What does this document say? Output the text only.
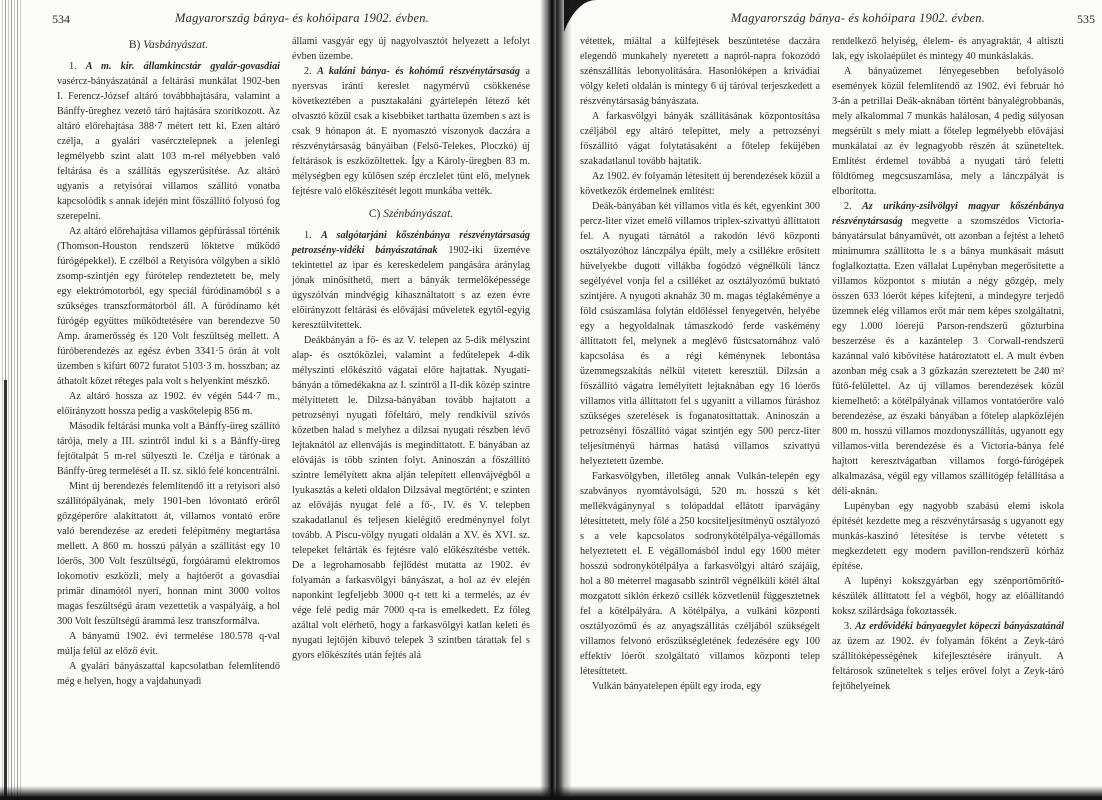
534	Magyarország bánya- és kohóipara 1902. évben.
B) Vasbányászat.

1. A m. kir. államkincstár gyalár-govasdiai vasércz-bányászatánál a feltárási munkálat 1902-ben I. Ferencz-József altáró továbbhajtására, valamint a Bánffy-üreghez vezető táró hajtására szorítkozott. Az altáró előrehajtása 388·7 métert tett ki. Ezen altáró czélja, a gyalári vasércztelepnek a jelenlegi legmélyebb szint alatt 103 m-rel mélyebben való feltárása és a szállítás egyszerűsítése. Az altáró ugyanis a retyisórai villamos szállító vonatba kapcsolódik s annak idején mint főszállító folyosó fog szerepelni.

Az altáró előrehajtása villamos gépfúrással történik (Thomson-Houston rendszerű löktetve működő fúrógépekkel). E czélból a Retyisóra völgyben a sikló zsomp-szintjén egy fúrótelep rendeztetett be, mely egy elektrómotorból, egy speciál fúródinamóból s a szükséges transzformátorból áll. A fúródinamo két fúrógép együttes működtetésére van berendezve 50 Amp. áramerősség és 120 Volt feszültség mellett. A fúróberendezés az egész évben 3341·5 órán át volt üzemben s kifúrt 6072 furatot 5103·3 m. hosszban; az áthatolt kőzet réteges pala volt s helyenkint mészkő.

Az altáró hossza az 1902. év végén 544·7 m., előirányzott hossza pedig a vaskőtelepig 856 m.

Második feltárási munka volt a Bánffy-üreg szállító tárója, mely a III. szintről indul ki s a Bánffy-üreg fejtőtalpát 5 m-rel sülyeszti le. Czélja e tárónak a Bánffy-üreg termelését a II. sz. sikló felé koncentrálni.

Mint új berendezés felemlítendő itt a retyisori alsó szállítópályának, mely 1901-ben lóvontató erőről gőzgéperőre alakíttatott át, villamos vontató erőre való berendezése az eredeti felépítmény megtartása mellett. A 860 m. hosszú pályán a szállítást egy 10 lóerős, 300 Volt feszültségű, forgóáramú elektromos lokomotiv eszközli, mely a hajtóerőt a govasdiai primär dinamótól nyeri, honnan mint 3000 voltos magas feszültségű áram vezettetik a vaspályáig, a hol 300 Volt feszültségű árammá lesz transzformálva.

A bányamű 1902. évi termelése 180.578 q-val múlja felül az előző évit.

A gyalári bányászattal kapcsolatban felemlítendő még e helyen, hogy a vajdahunyadi

állami vasgyár egy új nagyolvasztót helyezett a lefolyt évben üzembe.

2. A kaláni bánya- és kohómű részvénytársaság a nyersvas iránti kereslet nagymérvű csökkenése következtében a pusztakaláni gyártelepén létező két olvasztó közül csak a kisebbiket tarthatta üzemben s azt is csak 9 hónapon át. E nyomasztó viszonyok daczára a részvénytársaság bányáiban (Felső-Telekes, Ploczkó) új feltárások is eszközöltettek. Így a Károly-üregben 83 m. mélységben egy külösen szép érczlelet tünt elő, melynek fejtésre való előkészítését legott munkába vették.

C) Szénbányászat.

1. A salgótarjáni kőszénbánya részvénytársaság petrozsény-vidéki bányászatának 1902-iki üzeméve tekintettel az ipar és kereskedelem pangására aránylag jónak minősíthető, mert a bányák termelőképessége úgyszólván mindvégig kihasználtatott s az ezen évre előirányzott feltárási és elővájási műveletek egytől-egyig keresztülvitettek.

Deákbányán a fő- és az V. telepen az 5-dik mélyszint alap- és osztóközlei, valamint a fedűtelepek 4-dik mélyszinti előkészítő vágatai előre hajtattak. Nyugati-bányán a tömedékakna az I. szintről a II-dik közép szintre mélyíttetett le. Dilzsa-bányában tovább hajtatott a petrozsényi nyugati főfeltáró, mely rendkívül szívós kőzetben halad s melyhez a dilzsai nyugati részben lévő lejtaknától az ellenvájás is megindíttatott. E bányában az elővájás is több szinten folyt. Aninoszán a főszállító szintre lemélyített akna alján telepített ellenvájvégből a lyukasztás a keleti oldalon Dilzsával megtörtént; e szinten az elővájás nyugat felé a fő-, IV. és V. telepben szakadatlanul és teljesen kielégítő eredménynyel folyt tovább. A Piscu-völgy nyugati oldalán a XV. és XVI. sz. telepeket feltárták és fejtésre való előkészítésbe vették. De a legrohamosabb fejlődést mutatta az 1902. év folyamán a farkasvölgyi bányászat, a hol az év elején naponkint legfeljebb 3000 q-t tett ki a termelés, az év vége felé pedig már 7000 q-ra is emelkedett. Ez főleg azáltal volt elérhető, hogy a farkasvölgyi katlan keleti és nyugati lejtőjén kibuvó telepek 3 szintben tárattak fel s gyors előkészítés után fejtés alá

Magyarország bánya- és kohóipara 1902. évben.	535

vétettek, miáltal a külfejtések beszüntetése daczára elegendő munkahely nyeretett a napról-napra fokozódó szénszállítás lebonyolítására. Hasonlóképen a krivádiai völgy keleti oldalán is mintegy 6 új táróval terjeszkedett a részvénytársaság bányászata.

A farkasvölgyi bányák szállításának központosítása czéljából egy altáró telepíttet, mely a petrozsényi főszállító vágat folytatásaként a főtelep feküjében szakadatlanul tovább hajtatik.

Az 1902. év folyamán létesített új berendezések közül a következők érdemelnek említést:

Deák-bányában két villamos vitla és két, egyenkint 300 percz-liter vizet emelő villamos triplex-szivattyú állíttatott fel. A nyugati tárnától a rakodón lévő központi osztályozóhoz lánczpálya épült, mely a csillékre erősített hüvelyekbe dugott villákba fogódzó végnélküli láncz segélyével vonja fel a csilléket az osztályozómű buktató szintjére. A nyugoti aknaház 30 m. magas téglakéménye a föld csúszamlása folytán eldőléssel fenyegetvén, helyébe egy a hegyoldalnak támaszkodó ferde vaskémény állíttatott fel, melynek a meglévő füstcsatornához való kapcsolása és a régi kéménynek lebontása üzemmegszakítás nélkül vitetett keresztül. Dilzsán a főszállító vágatra lemélyített lejtaknában egy 16 lóerős villamos vitla állíttatott fel s ugyanitt a villamos fúráshoz szükséges szerelések is foganatosíttattak. Aninoszán a petrozsényi főszállító vágat szintjén egy 500 percz-liter teljesítményű hármas hatású villamos szivattyú helyeztetett üzembe.

Farkasvölgyben, illetőleg annak Vulkán-telepén egy szabványos nyomtávolságú, 520 m. hosszú s két mellékvágánynyal s tolópaddal ellátott iparvágány létesíttetett, mely fölé a 250 kocsiteljesítményű osztályozó s a vele kapcsolatos sodronykötélpálya-végállomás helyeztetett el. E végállomásból indul egy 1600 méter hosszú sodronykötélpálya a farkasvölgyi altáró szájáig, hol a 80 méterrel magasabb szintről végnélküli kötél által mozgatott siklón érkező csillék közvetlenül függesztetnek fel a kötélpályára. A kötélpálya, a vulkáni központi osztályozómű és az anyagszállítás czéljából szükségelt villamos felvonó erőszükségletének fedezésére egy 100 effektív lóerőt szolgáltató villamos központi telep létesíttetett.

Vulkán bányatelepen épült egy iroda, egy

rendelkező helyiség, élelem- és anyagraktár, 4 altiszti lak, egy iskolaépület és mintegy 40 munkáslakás.

A bányaüzemet lényegesebben befolyásoló események közül felemlítendő az 1902. évi február hó 3-án a petrillai Deák-aknában történt bányalégrobbanás, mely alkalommal 7 munkás halálosan, 4 pedig súlyosan megsérült s mely miatt a főtelep legmélyebb elővájási munkálatai az év legnagyobb részén át szüneteltek. Említést érdemel továbbá a nyugati táró feletti földtömeg megcsuszamlása, mely a lánczpályát is elborította.

2. Az urikány-zsilvölgyi magyar kőszénbánya részvénytársaság megvette a szomszédos Victoria-bányatársulat bányaművét, ott azonban a fejtést a lehető minimumra szállította le s a bánya munkásait másutt foglalkoztatta. Ezen vállalat Lupényban megerősítette a villamos központot s miután a négy gőzgép, mely összen 633 lóerőt képes kifejteni, a mindegyre terjedő üzemnek elég villamos erőt már nem képes szolgáltatni, egy 1.000 lóerejű Parson-rendszerű gőzturbina beszerzése és a kazántelep 3 Corwall-rendszerű kazánnal való kibővítése határoztatott el. A mult évben azonban még csak a 3 gőzkazán szereztetett be 240 m² fűtő-felülettel. Az új villamos berendezések közül kiemelhető: a kötélpályának villamos vontatóerőre való berendezése, az északi bányában a főtelep alapközléjén 800 m. hosszú villamos mozdonyszállítás, ugyanott egy villamos-vitla berendezése és a Victoria-bánya felé hajtott keresztvágatban villamos forgó-fúrógépek alkalmazása, végül egy villamos szállítógép felállítása a déli-aknán.

Lupényban egy nagyobb szabású elemi iskola építését kezdette meg a részvénytársaság s ugyanott egy munkás-kaszinó létesítése is tervbe vétetett s megkezdetett egy modern pavillon-rendszerű kórház építése.

A lupényi kokszgyárban egy szénportömörítő-készülék állíttatott fel a végből, hogy az előállítandó koksz szilárdsága fokoztassék.

3. Az erdővidéki bányaegylet köpeczi bányászatánál az üzem az 1902. év folyamán főként a Zeyk-táró szállítóképességének kifejlesztésére irányult. A feltárosok szüneteltek s teljes erővel folyt a Zeyk-táró fejtőhelyeinek
